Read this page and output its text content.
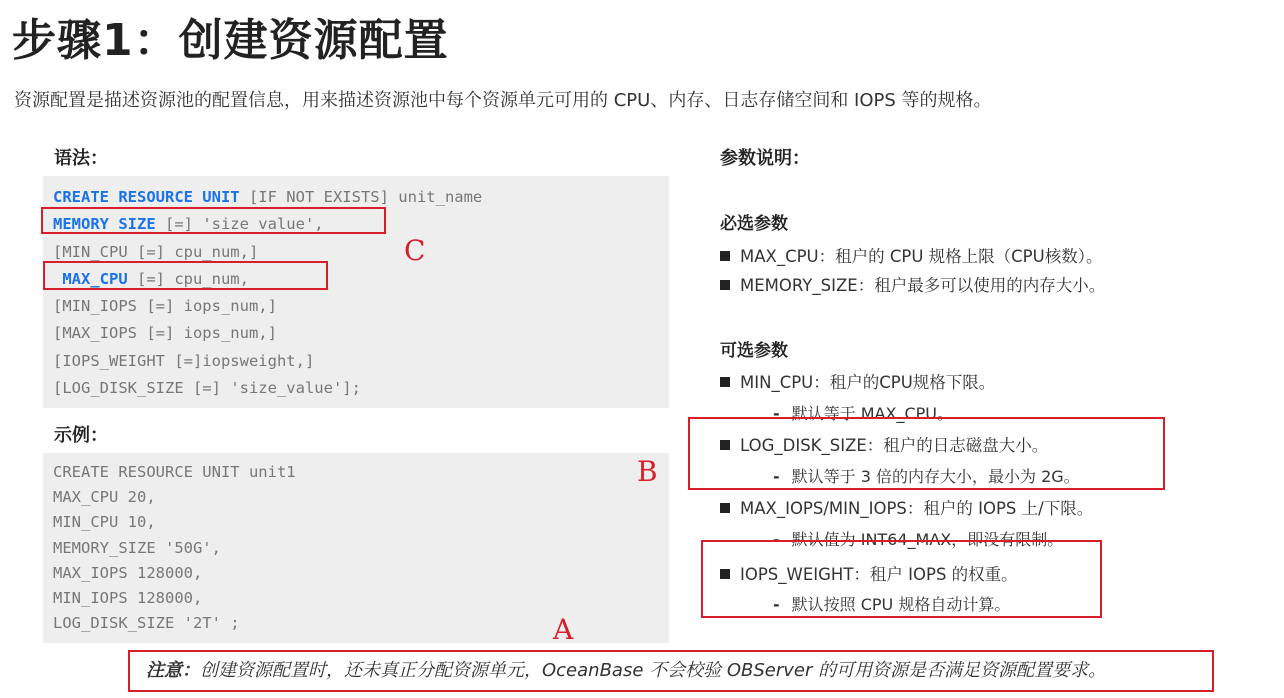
步骤1：创建资源配置

资源配置是描述资源池的配置信息，用来描述资源池中每个资源单元可用的 CPU、内存、日志存储空间和 IOPS 等的规格。

语法：
CREATE RESOURCE UNIT [IF NOT EXISTS] unit_name
MEMORY SIZE [=] 'size_value',
[MIN_CPU [=] cpu_num,]
MAX_CPU [=] cpu_num,
[MIN_IOPS [=] iops_num,]
[MAX_IOPS [=] iops_num,]
[IOPS_WEIGHT [=]iopsweight,]
[LOG_DISK_SIZE [=] 'size_value'];
示例：
CREATE RESOURCE UNIT unit1
MAX_CPU 20,
MIN_CPU 10,
MEMORY_SIZE '50G',
MAX_IOPS 128000,
MIN_IOPS 128000,
LOG_DISK_SIZE '2T' ;
C
B
A
参数说明：
必选参数
MAX_CPU：租户的 CPU 规格上限（CPU核数）。
MEMORY_SIZE：租户最多可以使用的内存大小。
可选参数
MIN_CPU：租户的CPU规格下限。
- 默认等于 MAX_CPU。
LOG_DISK_SIZE：租户的日志磁盘大小。
- 默认等于 3 倍的内存大小，最小为 2G。
MAX_IOPS/MIN_IOPS：租户的 IOPS 上/下限。
- 默认值为 INT64_MAX，即没有限制。
IOPS_WEIGHT：租户 IOPS 的权重。
- 默认按照 CPU 规格自动计算。
注意：创建资源配置时，还未真正分配资源单元，OceanBase 不会校验 OBServer 的可用资源是否满足资源配置要求。
